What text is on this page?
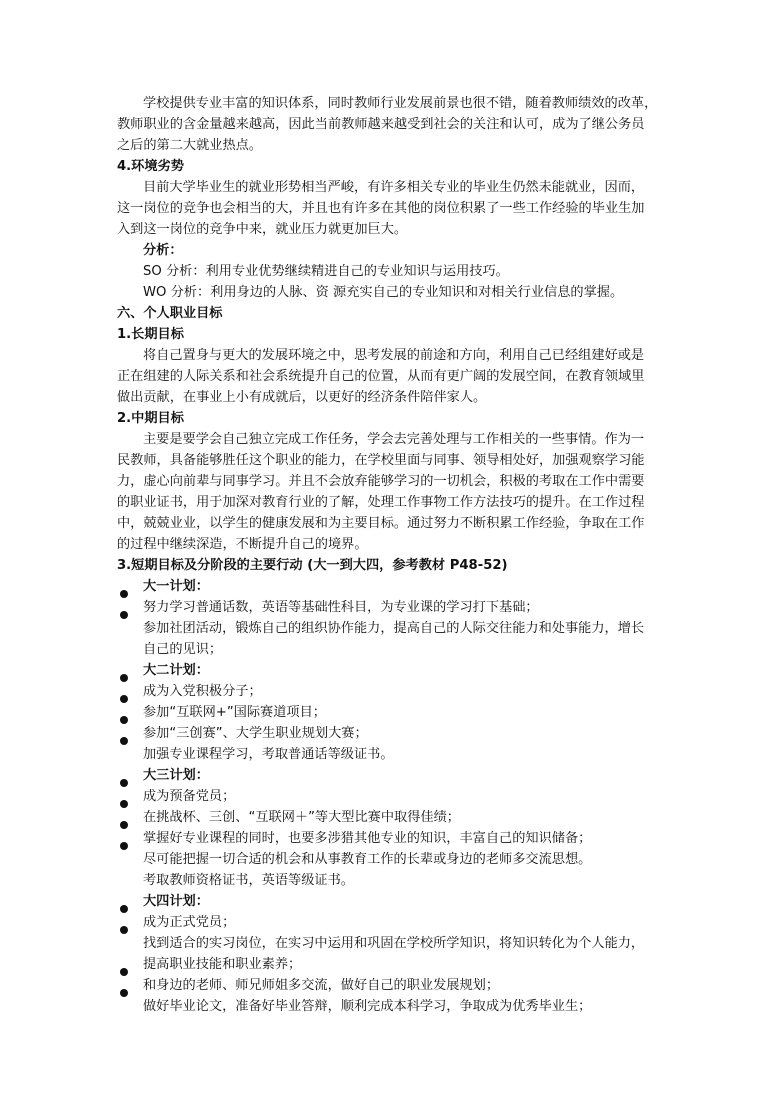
学校提供专业丰富的知识体系，同时教师行业发展前景也很不错，随着教师绩效的改革，
教师职业的含金量越来越高，因此当前教师越来越受到社会的关注和认可，成为了继公务员
之后的第二大就业热点。
4.环境劣势
目前大学毕业生的就业形势相当严峻，有许多相关专业的毕业生仍然未能就业，因而，
这一岗位的竞争也会相当的大，并且也有许多在其他的岗位积累了一些工作经验的毕业生加
入到这一岗位的竞争中来，就业压力就更加巨大。
分析：
SO 分析：利用专业优势继续精进自己的专业知识与运用技巧。
WO 分析：利用身边的人脉、资 源充实自己的专业知识和对相关行业信息的掌握。
六、个人职业目标
1.长期目标
将自己置身与更大的发展环境之中，思考发展的前途和方向，利用自己已经组建好或是
正在组建的人际关系和社会系统提升自己的位置，从而有更广阔的发展空间，在教育领域里
做出贡献，在事业上小有成就后，以更好的经济条件陪伴家人。
2.中期目标
主要是要学会自己独立完成工作任务，学会去完善处理与工作相关的一些事情。作为一
民教师，具备能够胜任这个职业的能力，在学校里面与同事、领导相处好，加强观察学习能
力，虚心向前辈与同事学习。并且不会放弃能够学习的一切机会，积极的考取在工作中需要
的职业证书，用于加深对教育行业的了解，处理工作事物工作方法技巧的提升。在工作过程
中，兢兢业业，以学生的健康发展和为主要目标。通过努力不断积累工作经验，争取在工作
的过程中继续深造，不断提升自己的境界。
3.短期目标及分阶段的主要行动 (大一到大四，参考教材 P48-52)
大一计划：
努力学习普通话数，英语等基础性科目，为专业课的学习打下基础；
参加社团活动，锻炼自己的组织协作能力，提高自己的人际交往能力和处事能力，增长
自己的见识；
大二计划：
成为入党积极分子；
参加“互联网+”国际赛道项目；
参加“三创赛”、大学生职业规划大赛；
加强专业课程学习，考取普通话等级证书。
大三计划：
成为预备党员；
在挑战杯、三创、“互联网＋”等大型比赛中取得佳绩；
掌握好专业课程的同时，也要多涉猎其他专业的知识，丰富自己的知识储备；
尽可能把握一切合适的机会和从事教育工作的长辈或身边的老师多交流思想。
考取教师资格证书，英语等级证书。
大四计划：
成为正式党员；
找到适合的实习岗位，在实习中运用和巩固在学校所学知识，将知识转化为个人能力，
提高职业技能和职业素养；
和身边的老师、师兄师姐多交流，做好自己的职业发展规划；
做好毕业论文，准备好毕业答辩，顺利完成本科学习，争取成为优秀毕业生；
